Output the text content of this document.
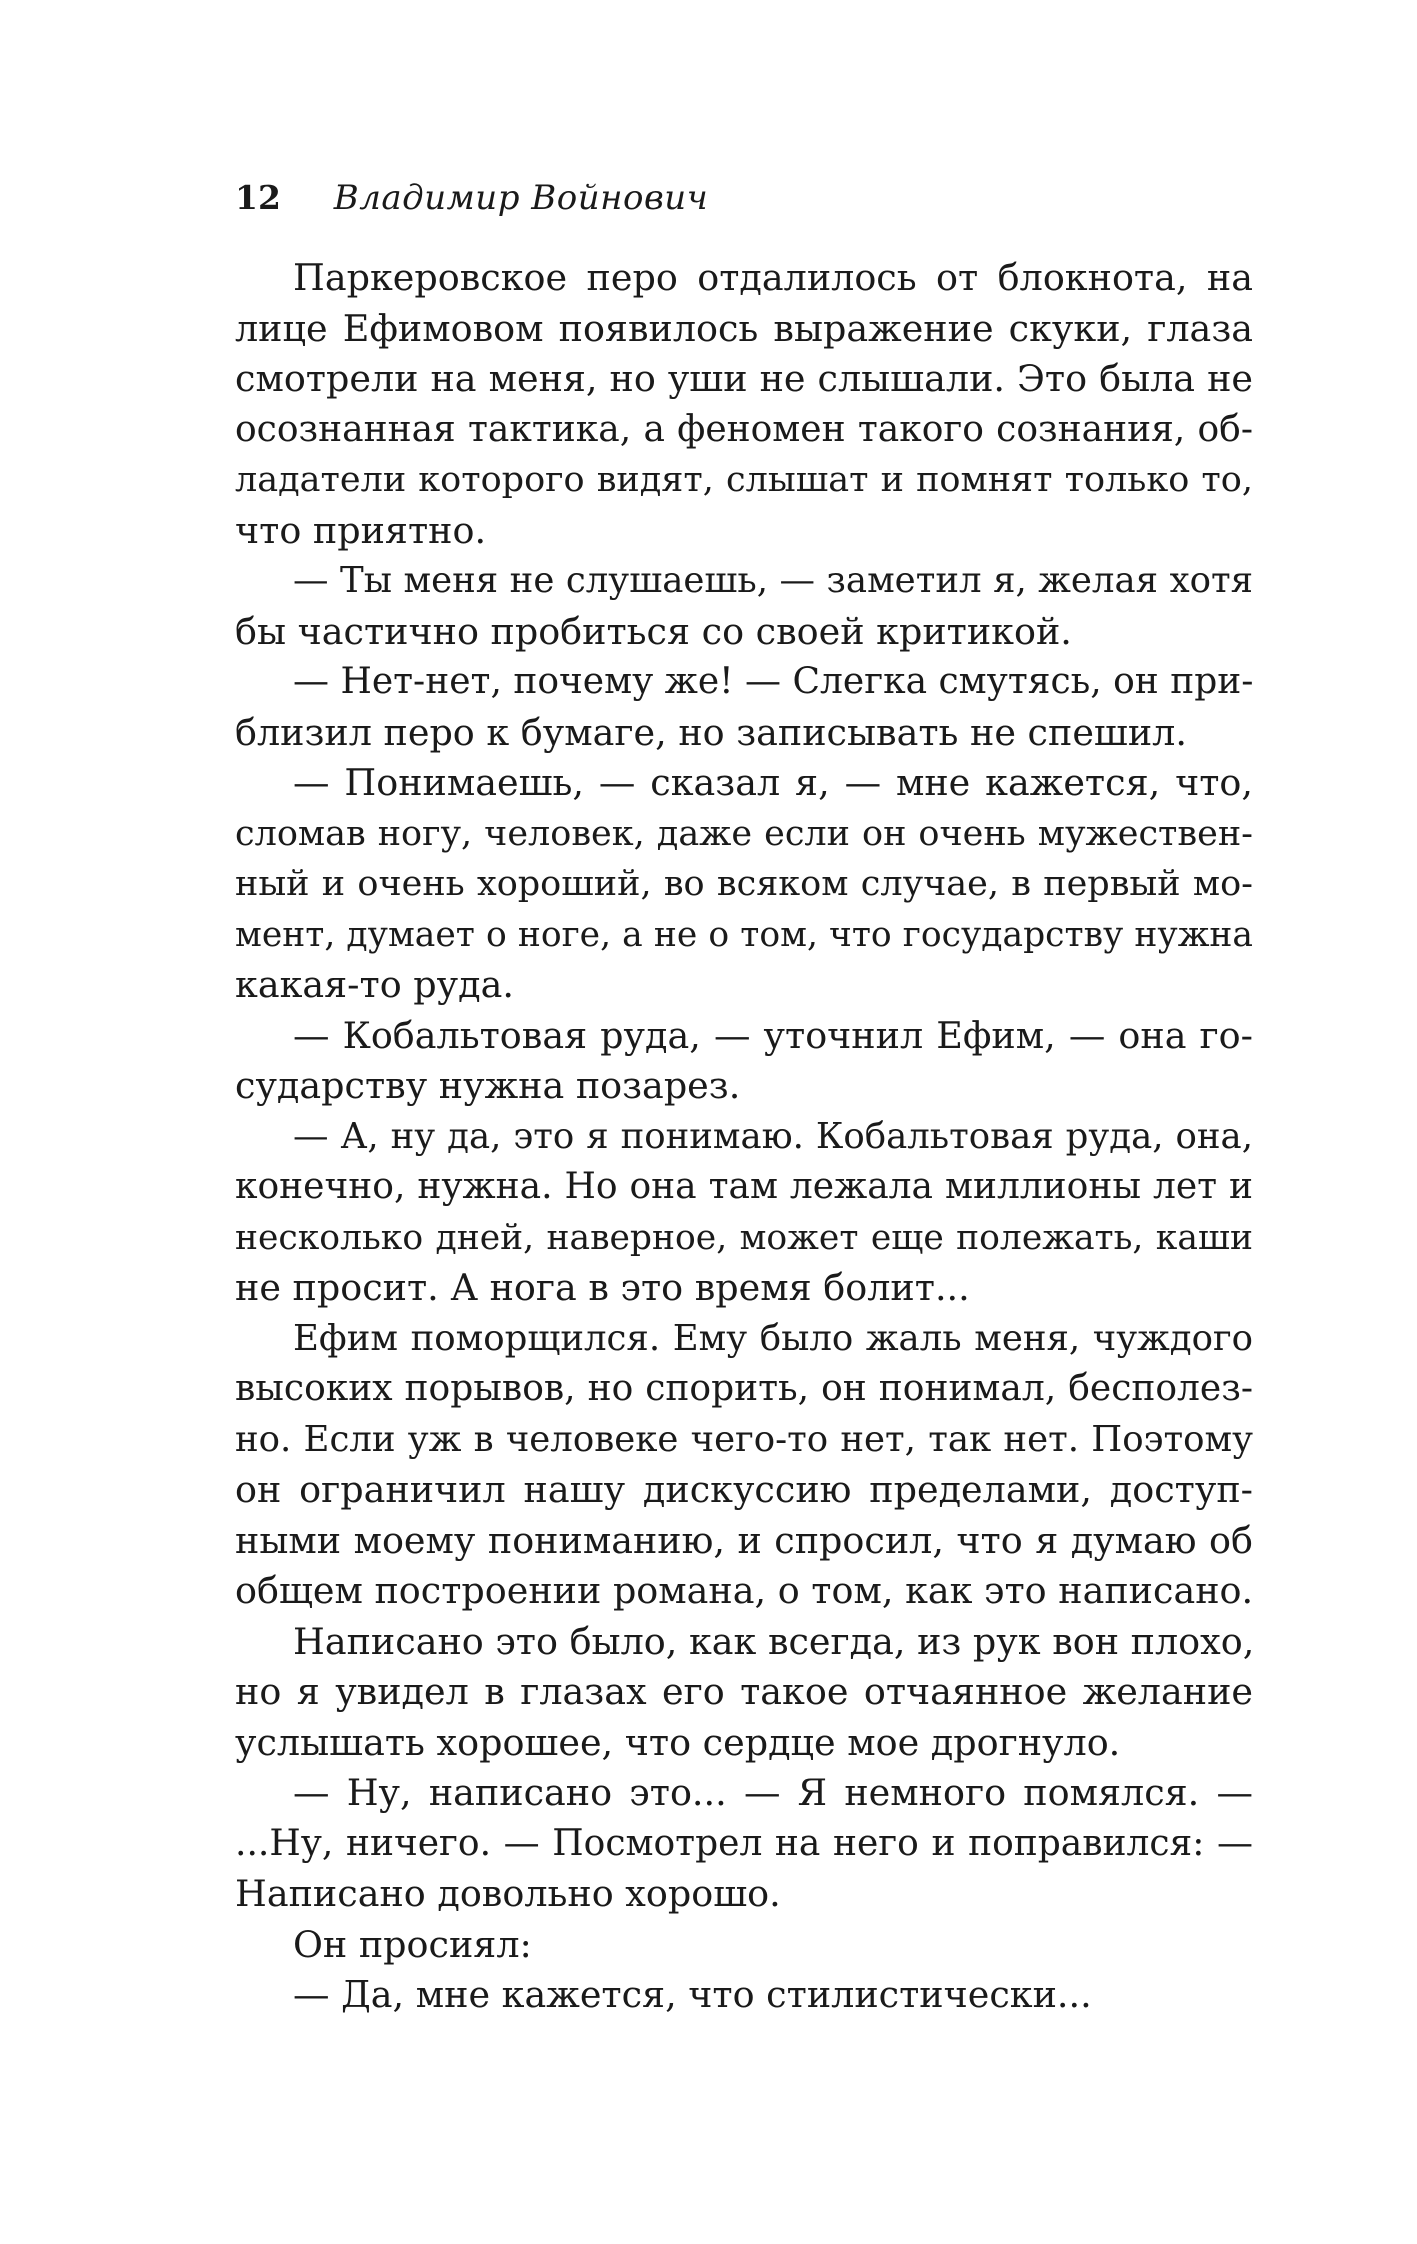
12 Владимир Войнович
Паркеровское перо отдалилось от блокнота, на
лице Ефимовом появилось выражение скуки, глаза
смотрели на меня, но уши не слышали. Это была не
осознанная тактика, а феномен такого сознания, об-
ладатели которого видят, слышат и помнят только то,
что приятно.
— Ты меня не слушаешь, — заметил я, желая хотя
бы частично пробиться со своей критикой.
— Нет-нет, почему же! — Слегка смутясь, он при-
близил перо к бумаге, но записывать не спешил.
— Понимаешь, — сказал я, — мне кажется, что,
сломав ногу, человек, даже если он очень мужествен-
ный и очень хороший, во всяком случае, в первый мо-
мент, думает о ноге, а не о том, что государству нужна
какая-то руда.
— Кобальтовая руда, — уточнил Ефим, — она го-
сударству нужна позарез.
— А, ну да, это я понимаю. Кобальтовая руда, она,
конечно, нужна. Но она там лежала миллионы лет и
несколько дней, наверное, может еще полежать, каши
не просит. А нога в это время болит...
Ефим поморщился. Ему было жаль меня, чуждого
высоких порывов, но спорить, он понимал, бесполез-
но. Если уж в человеке чего-то нет, так нет. Поэтому
он ограничил нашу дискуссию пределами, доступ-
ными моему пониманию, и спросил, что я думаю об
общем построении романа, о том, как это написано.
Написано это было, как всегда, из рук вон плохо,
но я увидел в глазах его такое отчаянное желание
услышать хорошее, что сердце мое дрогнуло.
— Ну, написано это... — Я немного помялся. —
...Ну, ничего. — Посмотрел на него и поправился: —
Написано довольно хорошо.
Он просиял:
— Да, мне кажется, что стилистически...
